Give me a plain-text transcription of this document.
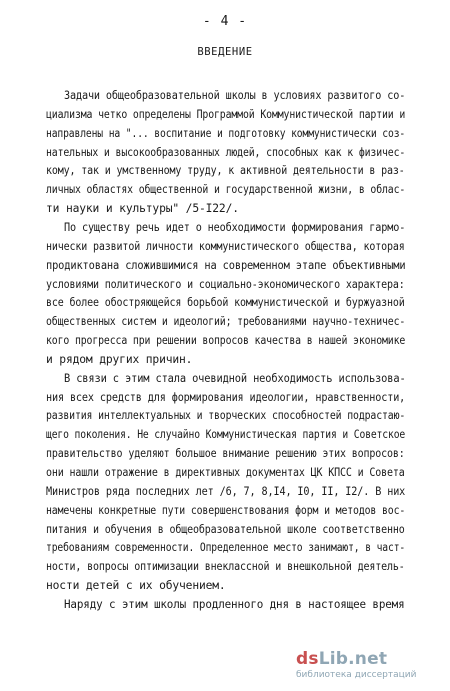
- 4 -
ВВЕДЕНИЕ
Задачи общеобразовательной школы в условиях развитого со-
циализма четко определены Программой Коммунистической партии и
направлены на "... воспитание и подготовку коммунистически соз-
нательных и высокообразованных людей, способных как к физичес-
кому, так и умственному труду, к активной деятельности в раз-
личных областях общественной и государственной жизни, в облас-
ти науки и культуры" /5-I22/.
По существу речь идет о необходимости формирования гармо-
нически развитой личности коммунистического общества, которая
продиктована сложившимися на современном этапе объективными
условиями политического и социально-экономического характера:
все более обостряющейся борьбой коммунистической и буржуазной
общественных систем и идеологий; требованиями научно-техничес-
кого прогресса при решении вопросов качества в нашей экономике
и рядом других причин.
В связи с этим стала очевидной необходимость использова-
ния всех средств для формирования идеологии, нравственности,
развития интеллектуальных и творческих способностей подрастаю-
щего поколения. Не случайно Коммунистическая партия и Советское
правительство уделяют большое внимание решению этих вопросов:
они нашли отражение в директивных документах ЦК КПСС и Совета
Министров ряда последних лет /6, 7, 8,I4, I0, II, I2/. В них
намечены конкретные пути совершенствования форм и методов вос-
питания и обучения в общеобразовательной школе соответственно
требованиям современности. Определенное место занимают, в част-
ности, вопросы оптимизации внеклассной и внешкольной деятель-
ности детей с их обучением.
Наряду с этим школы продленного дня в настоящее время
dsLib.net
библиотека диссертаций
